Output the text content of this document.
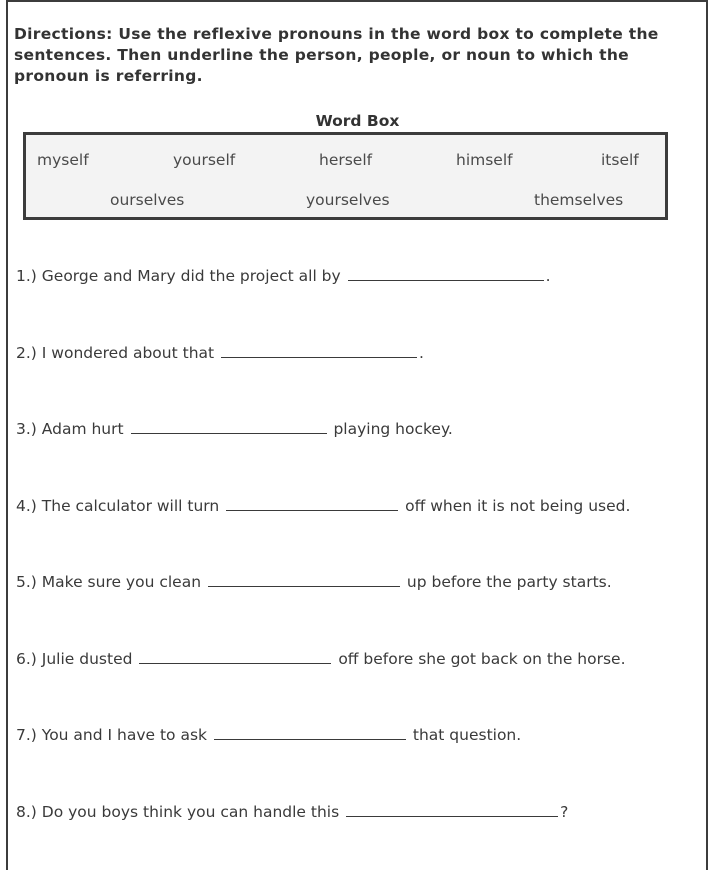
Directions: Use the reflexive pronouns in the word box to complete the sentences. Then underline the person, people, or noun to which the pronoun is referring.
Word Box
myself	yourself	herself	himself	itself
ourselves	yourselves	themselves
1.) George and Mary did the project all by	.
2.) I wondered about that	.
3.) Adam hurt	playing hockey.
4.) The calculator will turn	off when it is not being used.
5.) Make sure you clean	up before the party starts.
6.) Julie dusted	off before she got back on the horse.
7.) You and I have to ask	that question.
8.) Do you boys think you can handle this	?
